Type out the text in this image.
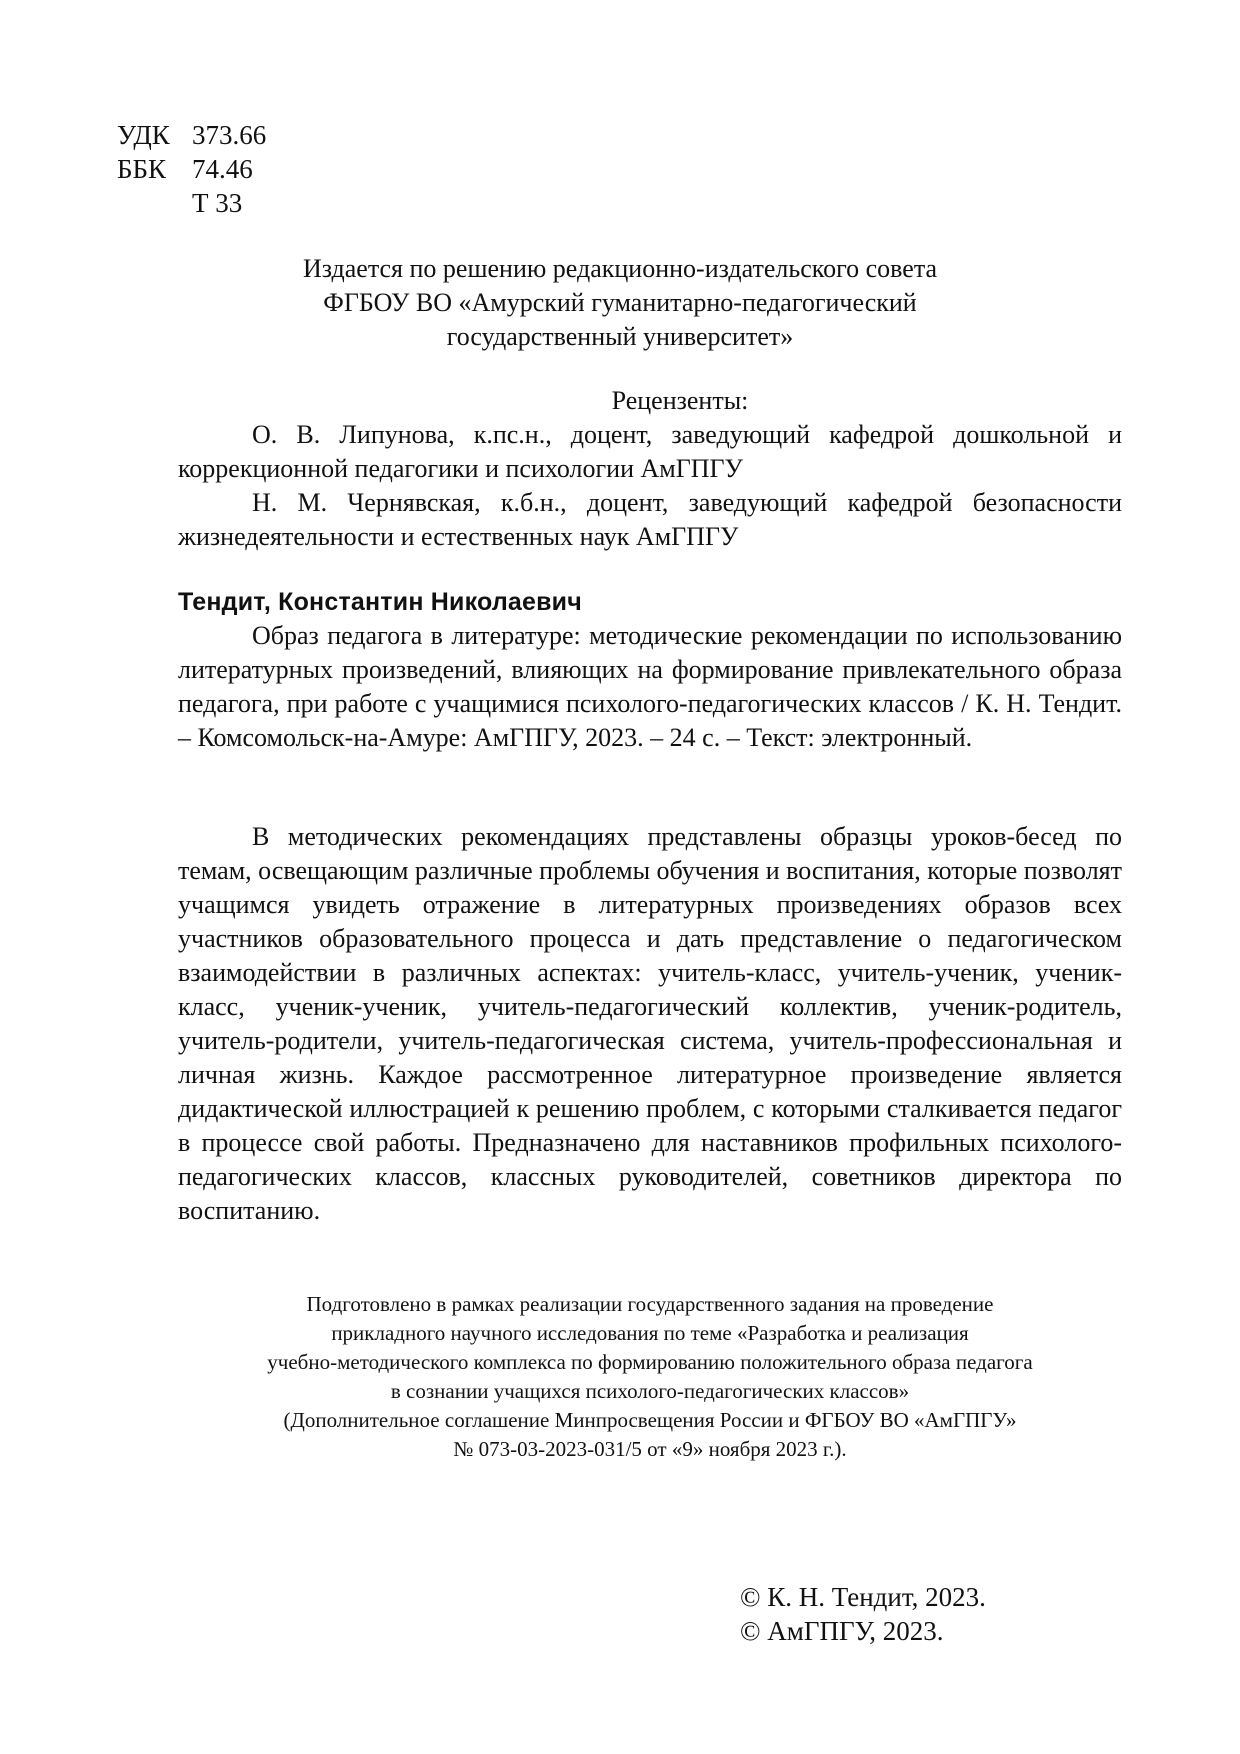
УДК 373.66
ББК 74.46
Т 33
Издается по решению редакционно-издательского совета
ФГБОУ ВО «Амурский гуманитарно-педагогический
государственный университет»
Рецензенты:

О. В. Липунова, к.пс.н., доцент, заведующий кафедрой дошкольной и коррекционной педагогики и психологии АмГПГУ

Н. М. Чернявская, к.б.н., доцент, заведующий кафедрой безопасности жизнедеятельности и естественных наук АмГПГУ

Тендит, Константин Николаевич

Образ педагога в литературе: методические рекомендации по использованию литературных произведений, влияющих на формирование привлекательного образа педагога, при работе с учащимися психолого-педагогических классов / К. Н. Тендит. – Комсомольск-на-Амуре: АмГПГУ, 2023. – 24 с. – Текст: электронный.

В методических рекомендациях представлены образцы уроков-бесед по темам, освещающим различные проблемы обучения и воспитания, которые позволят учащимся увидеть отражение в литературных произведениях образов всех участников образовательного процесса и дать представление о педагогическом взаимодействии в различных аспектах: учитель-класс, учитель-ученик, ученик-класс, ученик-ученик, учитель-педагогический коллектив, ученик-родитель, учитель-родители, учитель-педагогическая система, учитель-профессиональная и личная жизнь. Каждое рассмотренное литературное произведение является дидактической иллюстрацией к решению проблем, с которыми сталкивается педагог в процессе свой работы. Предназначено для наставников профильных психолого-педагогических классов, классных руководителей, советников директора по воспитанию.

Подготовлено в рамках реализации государственного задания на проведение
прикладного научного исследования по теме «Разработка и реализация
учебно-методического комплекса по формированию положительного образа педагога
в сознании учащихся психолого-педагогических классов»
(Дополнительное соглашение Минпросвещения России и ФГБОУ ВО «АмГПГУ»
№ 073-03-2023-031/5 от «9» ноября 2023 г.).
© К. Н. Тендит, 2023.
© АмГПГУ, 2023.
